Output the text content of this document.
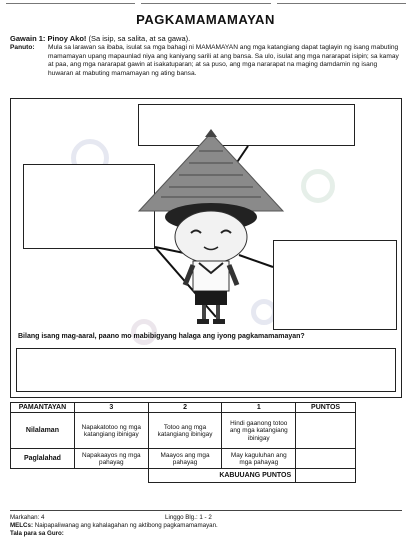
PAGKAMAMAMAYAN
Gawain 1: Pinoy Ako! (Sa isip, sa salita, at sa gawa).
Panuto:	Mula sa larawan sa ibaba, isulat sa mga bahagi ni MAMAMAYAN ang mga katangiang dapat taglayin ng isang mabuting mamamayan upang mapaunlad niya ang kaniyang sarili at ang bansa. Sa ulo, isulat ang mga nararapat isipin; sa kamay at paa, ang mga nararapat gawin at isakatuparan; at sa puso, ang mga nararapat na maging damdamin ng isang huwaran at mabuting mamamayan ng ating bansa.
Bilang isang mag-aaral, paano mo mabibigyang halaga ang iyong pagkamamamayan?
PAMANTAYAN	3	2	1	PUNTOS
Nilalaman	Napakatotoo ng mga katangiang ibinigay	Totoo ang mga katangiang ibinigay	Hindi gaanong totoo ang mga katangiang ibinigay	
Paglalahad	Napakaayos ng mga pahayag	Maayos ang mga pahayag	May kaguluhan ang mga pahayag	
		KABUUANG PUNTOS		
Markahan: 4	Linggo Blg.: 1 - 2
MELCs: Naipapaliwanag ang kahalagahan ng aktibong pagkamamamayan.
Tala para sa Guro:
